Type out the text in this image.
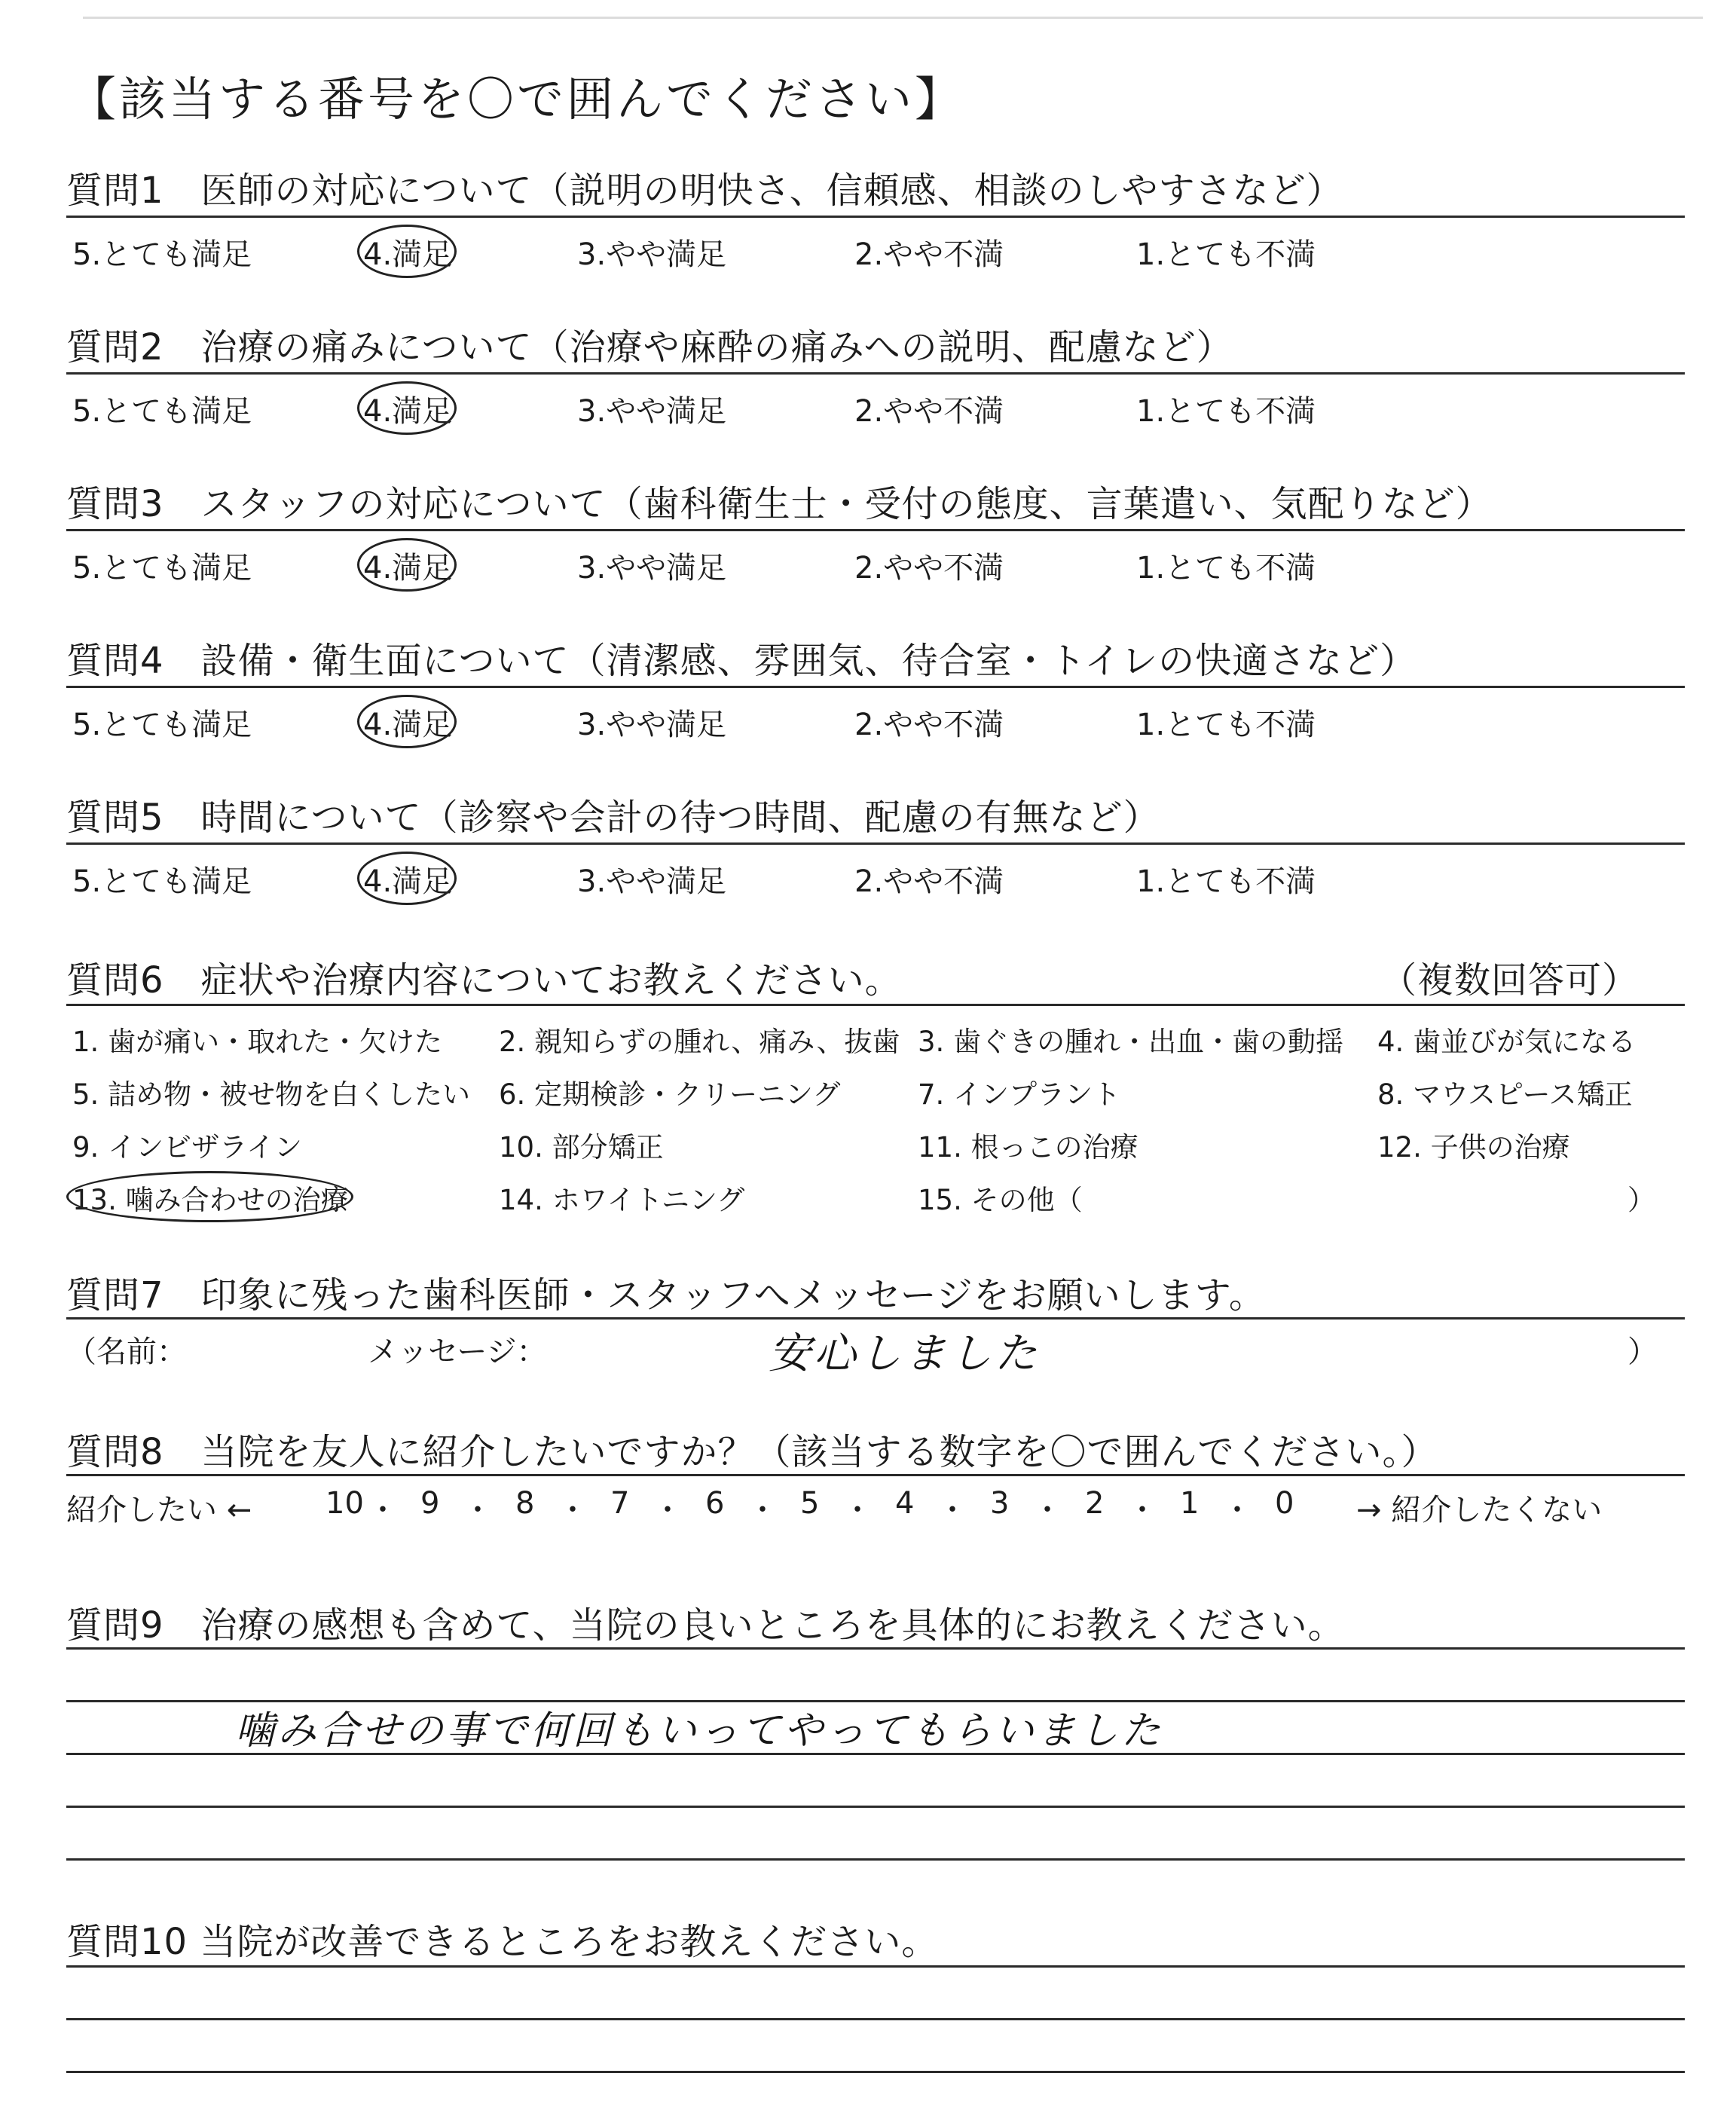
【該当する番号を〇で囲んでください】
質問1　医師の対応について（説明の明快さ、信頼感、相談のしやすさなど）
5.とても満足	4.満足	3.やや満足	2.やや不満	1.とても不満
質問2　治療の痛みについて（治療や麻酔の痛みへの説明、配慮など）
5.とても満足	4.満足	3.やや満足	2.やや不満	1.とても不満
質問3　スタッフの対応について（歯科衛生士・受付の態度、言葉遣い、気配りなど）
5.とても満足	4.満足	3.やや満足	2.やや不満	1.とても不満
質問4　設備・衛生面について（清潔感、雰囲気、待合室・トイレの快適さなど）
5.とても満足	4.満足	3.やや満足	2.やや不満	1.とても不満
質問5　時間について（診察や会計の待つ時間、配慮の有無など）
5.とても満足	4.満足	3.やや満足	2.やや不満	1.とても不満
質問6　症状や治療内容についてお教えください。	（複数回答可）
1. 歯が痛い・取れた・欠けた 2. 親知らずの腫れ、痛み、抜歯 3. 歯ぐきの腫れ・出血・歯の動揺 4. 歯並びが気になる
5. 詰め物・被せ物を白くしたい 6. 定期検診・クリーニング	7. インプラント	8. マウスピース矯正
9. インビザライン	10. 部分矯正	11. 根っこの治療	12. 子供の治療
13. 噛み合わせの治療	14. ホワイトニング	15. その他（	）
質問7　印象に残った歯科医師・スタッフへメッセージをお願いします。
（名前：	メッセージ：	安心しました	）
質問8　当院を友人に紹介したいですか？（該当する数字を〇で囲んでください。）
紹介したい ← 10 ・ 9 ・ 8 ・ 7 ・ 6 ・ 5 ・ 4 ・ 3 ・ 2 ・ 1 ・ 0 → 紹介したくない
質問9　治療の感想も含めて、当院の良いところを具体的にお教えください。
噛み合せの事で何回もいってやってもらいました
質問10 当院が改善できるところをお教えください。
